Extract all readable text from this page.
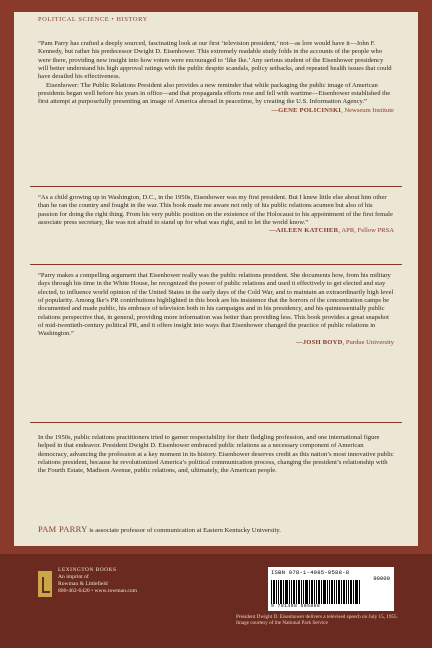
POLITICAL SCIENCE • HISTORY

“Pam Parry has crafted a deeply sourced, fascinating look at our first ‘television president,’ not—as lore would have it—John F. Kennedy, but rather his predecessor Dwight D. Eisenhower. This extremely readable study folds in the accounts of the people who were there, providing new insight into how voters were encouraged to ‘like Ike.’ Any serious student of the Eisenhower presidency will better understand his high approval ratings with the public despite scandals, policy setbacks, and repeated health issues that could have derailed his effectiveness.

Eisenhower: The Public Relations President also provides a new reminder that while packaging the public image of American presidents began well before his years in office—and that propaganda efforts rose and fell with wartime—Eisenhower established the first attempt at purposefully presenting an image of America abroad in peacetime, by creating the U.S. Information Agency.”

—GENE POLICINSKI, Newseum Institute

“As a child growing up in Washington, D.C., in the 1950s, Eisenhower was my first president. But I knew little else about him other than he ran the country and fought in the war. This book made me aware not only of his public relations acumen but also of his passion for doing the right thing. From his very public position on the existence of the Holocaust to his appointment of the first female associate press secretary, Ike was not afraid to stand up for what was right, and to let the world know.”

—AILEEN KATCHER, APR, Fellow PRSA

“Parry makes a compelling argument that Eisenhower really was the public relations president. She documents how, from his military days through his time in the White House, he recognized the power of public relations and used it effectively to get elected and stay elected, to influence world opinion of the United States in the early days of the Cold War, and to maintain an extraordinarily high level of popularity. Among Ike’s PR contributions highlighted in this book are his insistence that the horrors of the concentration camps be documented and made public, his embrace of television both in his campaigns and in his presidency, and his quintessentially public relations perspective that, in general, providing more information was better than providing less. This book provides a great snapshot of mid-twentieth-century political PR, and it offers insight into ways that Eisenhower changed the practice of public relations in Washington.”

—JOSH BOYD, Purdue University
In the 1950s, public relations practitioners tried to garner respectability for their fledgling profession, and one international figure helped in that endeavor. President Dwight D. Eisenhower embraced public relations as a necessary component of American democracy, advancing the profession at a key moment in its history. Eisenhower deserves credit as this nation’s most innovative public relations president, because he revolutionized America’s political communication process, changing the president’s relationship with the Fourth Estate, Madison Avenue, public relations, and, ultimately, the American people.
PAM PARRY is associate professor of communication at Eastern Kentucky University.
LEXINGTON BOOKS
An imprint of
Rowman & Littlefield
800-462-6420 • www.rowman.com
ISBN 978-1-4985-0588-8
90000
9 781498 505888
President Dwight D. Eisenhower delivers a televised speech on July 15, 1955. Image courtesy of the National Park Service
